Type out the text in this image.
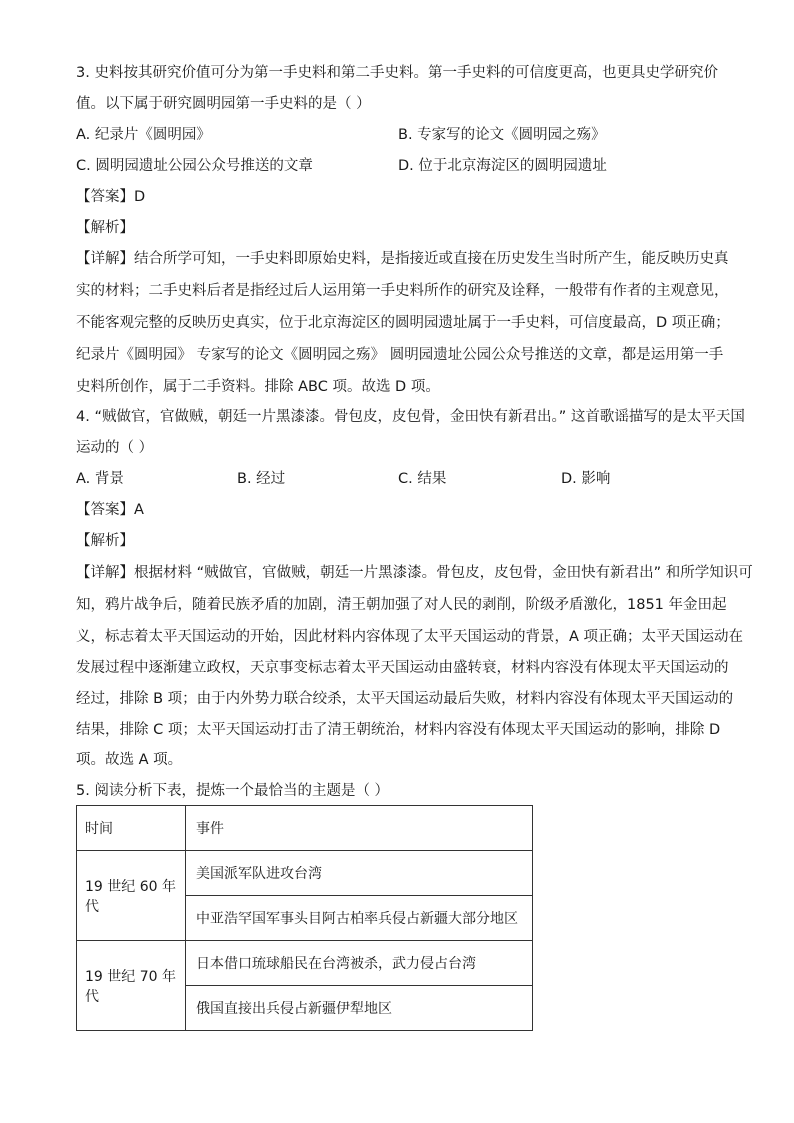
3. 史料按其研究价值可分为第一手史料和第二手史料。第一手史料的可信度更高，也更具史学研究价
值。以下属于研究圆明园第一手史料的是（ ）
A. 纪录片《圆明园》	B. 专家写的论文《圆明园之殇》
C. 圆明园遗址公园公众号推送的文章	D. 位于北京海淀区的圆明园遗址
【答案】D
【解析】
【详解】结合所学可知，一手史料即原始史料，是指接近或直接在历史发生当时所产生，能反映历史真
实的材料；二手史料后者是指经过后人运用第一手史料所作的研究及诠释，一般带有作者的主观意见，
不能客观完整的反映历史真实，位于北京海淀区的圆明园遗址属于一手史料，可信度最高，D 项正确；
纪录片《圆明园》 专家写的论文《圆明园之殇》 圆明园遗址公园公众号推送的文章，都是运用第一手
史料所创作，属于二手资料。排除 ABC 项。故选 D 项。
4. “贼做官，官做贼，朝廷一片黑漆漆。骨包皮，皮包骨，金田快有新君出。” 这首歌谣描写的是太平天国
运动的（ ）
A. 背景	B. 经过	C. 结果	D. 影响
【答案】A
【解析】
【详解】根据材料 “贼做官，官做贼，朝廷一片黑漆漆。骨包皮，皮包骨，金田快有新君出” 和所学知识可
知，鸦片战争后，随着民族矛盾的加剧，清王朝加强了对人民的剥削，阶级矛盾激化，1851 年金田起
义，标志着太平天国运动的开始，因此材料内容体现了太平天国运动的背景，A 项正确；太平天国运动在
发展过程中逐渐建立政权，天京事变标志着太平天国运动由盛转衰，材料内容没有体现太平天国运动的
经过，排除 B 项；由于内外势力联合绞杀，太平天国运动最后失败，材料内容没有体现太平天国运动的
结果，排除 C 项；太平天国运动打击了清王朝统治，材料内容没有体现太平天国运动的影响，排除 D
项。故选 A 项。
5. 阅读分析下表，提炼一个最恰当的主题是（ ）
时间	事件
19 世纪 60 年代	美国派军队进攻台湾
	中亚浩罕国军事头目阿古柏率兵侵占新疆大部分地区
19 世纪 70 年代	日本借口琉球船民在台湾被杀，武力侵占台湾
	俄国直接出兵侵占新疆伊犁地区
